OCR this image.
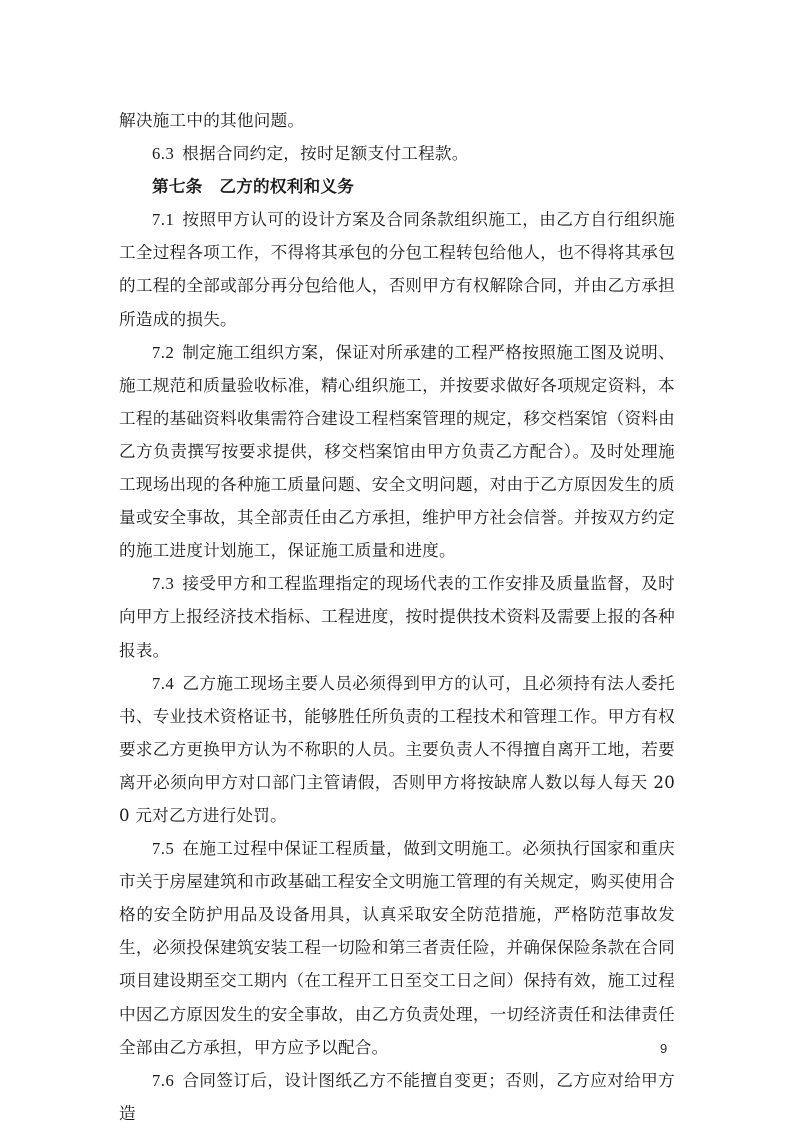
解决施工中的其他问题。

6.3 根据合同约定，按时足额支付工程款。

第七条　乙方的权利和义务

7.1 按照甲方认可的设计方案及合同条款组织施工，由乙方自行组织施工全过程各项工作，不得将其承包的分包工程转包给他人，也不得将其承包的工程的全部或部分再分包给他人，否则甲方有权解除合同，并由乙方承担所造成的损失。

7.2 制定施工组织方案，保证对所承建的工程严格按照施工图及说明、施工规范和质量验收标准，精心组织施工，并按要求做好各项规定资料，本工程的基础资料收集需符合建设工程档案管理的规定，移交档案馆（资料由乙方负责撰写按要求提供，移交档案馆由甲方负责乙方配合）。及时处理施工现场出现的各种施工质量问题、安全文明问题，对由于乙方原因发生的质量或安全事故，其全部责任由乙方承担，维护甲方社会信誉。并按双方约定的施工进度计划施工，保证施工质量和进度。

7.3 接受甲方和工程监理指定的现场代表的工作安排及质量监督，及时向甲方上报经济技术指标、工程进度，按时提供技术资料及需要上报的各种报表。

7.4 乙方施工现场主要人员必须得到甲方的认可，且必须持有法人委托书、专业技术资格证书，能够胜任所负责的工程技术和管理工作。甲方有权要求乙方更换甲方认为不称职的人员。主要负责人不得擅自离开工地，若要离开必须向甲方对口部门主管请假，否则甲方将按缺席人数以每人每天 200 元对乙方进行处罚。

7.5 在施工过程中保证工程质量，做到文明施工。必须执行国家和重庆市关于房屋建筑和市政基础工程安全文明施工管理的有关规定，购买使用合格的安全防护用品及设备用具，认真采取安全防范措施，严格防范事故发生，必须投保建筑安装工程一切险和第三者责任险，并确保保险条款在合同项目建设期至交工期内（在工程开工日至交工日之间）保持有效，施工过程中因乙方原因发生的安全事故，由乙方负责处理，一切经济责任和法律责任全部由乙方承担，甲方应予以配合。

7.6 合同签订后，设计图纸乙方不能擅自变更；否则，乙方应对给甲方造

9
